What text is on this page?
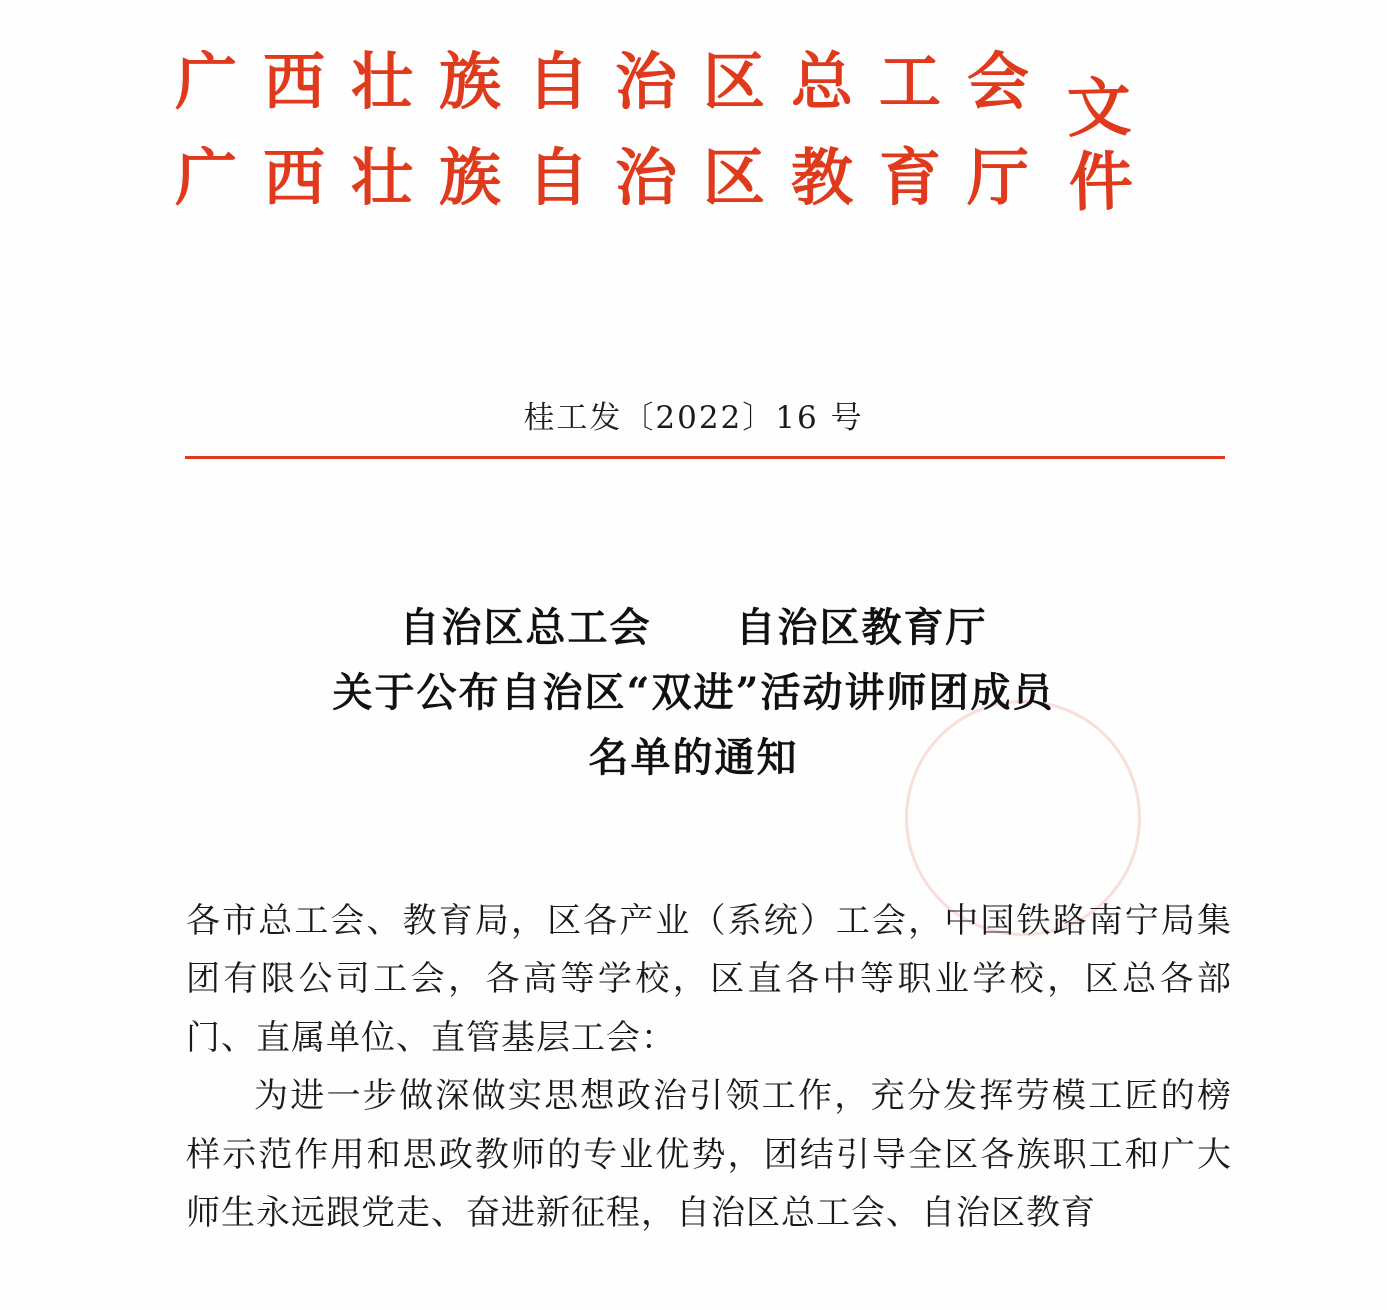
广西壮族自治区总工会
广西壮族自治区教育厅
文件
桂工发〔2022〕16 号
自治区总工会　　自治区教育厅
关于公布自治区“双进”活动讲师团成员
名单的通知

各市总工会、教育局，区各产业（系统）工会，中国铁路南宁局集团有限公司工会，各高等学校，区直各中等职业学校，区总各部门、直属单位、直管基层工会：

为进一步做深做实思想政治引领工作，充分发挥劳模工匠的榜样示范作用和思政教师的专业优势，团结引导全区各族职工和广大师生永远跟党走、奋进新征程，自治区总工会、自治区教育
